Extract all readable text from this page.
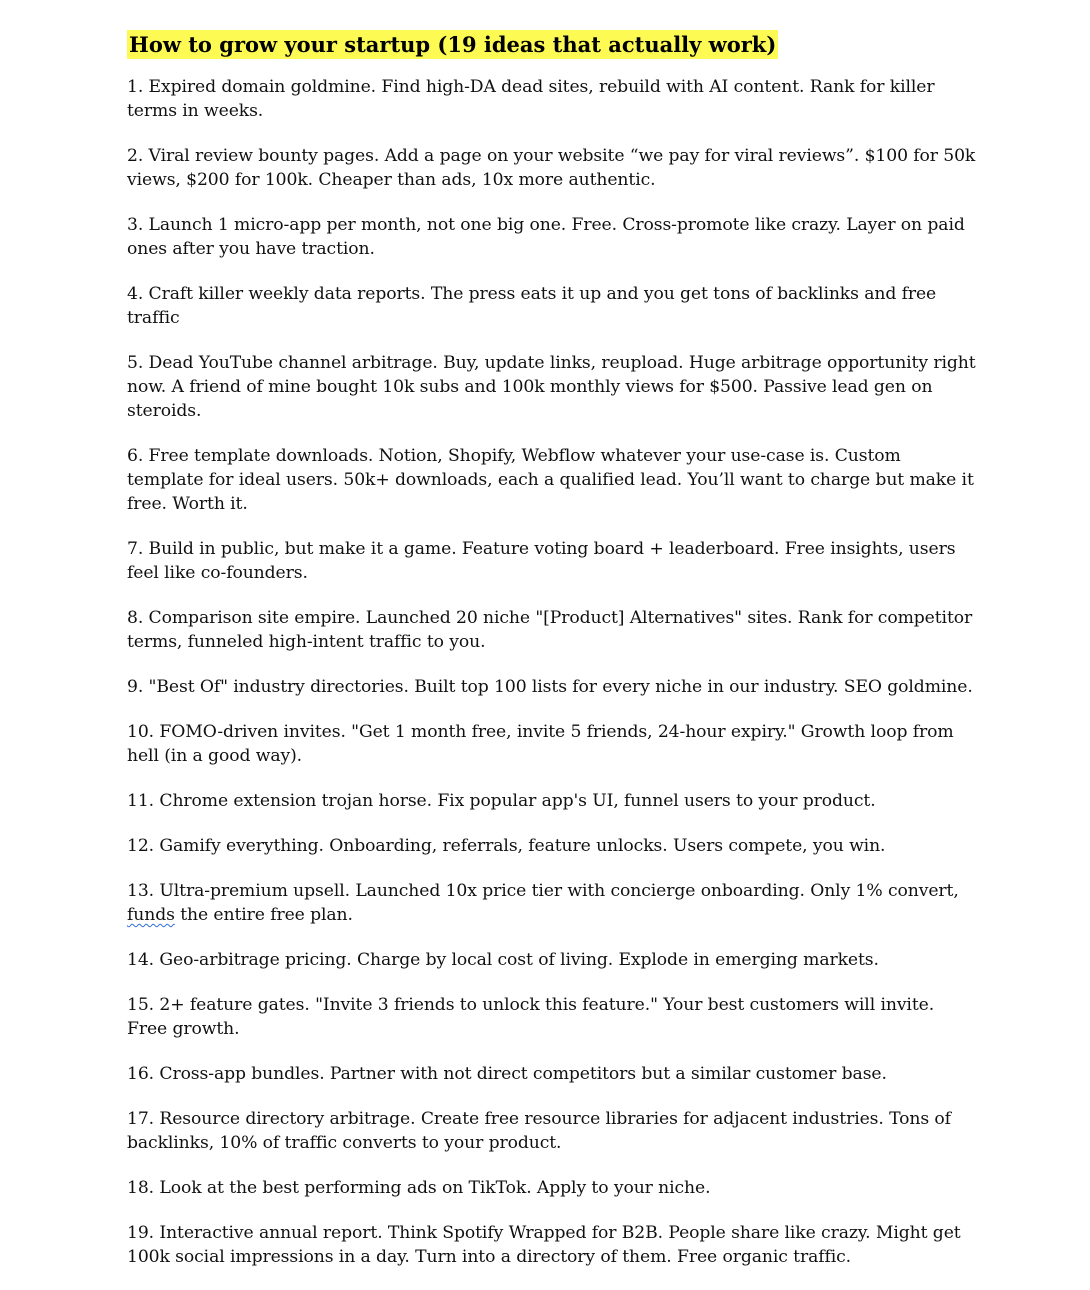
How to grow your startup (19 ideas that actually work)
1. Expired domain goldmine. Find high-DA dead sites, rebuild with AI content. Rank for killer terms in weeks.
2. Viral review bounty pages. Add a page on your website “we pay for viral reviews”. $100 for 50k views, $200 for 100k. Cheaper than ads, 10x more authentic.
3. Launch 1 micro-app per month, not one big one. Free. Cross-promote like crazy. Layer on paid ones after you have traction.
4. Craft killer weekly data reports. The press eats it up and you get tons of backlinks and free traffic
5. Dead YouTube channel arbitrage. Buy, update links, reupload. Huge arbitrage opportunity right now. A friend of mine bought 10k subs and 100k monthly views for $500. Passive lead gen on steroids.
6. Free template downloads. Notion, Shopify, Webflow whatever your use-case is. Custom template for ideal users. 50k+ downloads, each a qualified lead. You’ll want to charge but make it free. Worth it.
7. Build in public, but make it a game. Feature voting board + leaderboard. Free insights, users feel like co-founders.
8. Comparison site empire. Launched 20 niche "[Product] Alternatives" sites. Rank for competitor terms, funneled high-intent traffic to you.
9. "Best Of" industry directories. Built top 100 lists for every niche in our industry. SEO goldmine.
10. FOMO-driven invites. "Get 1 month free, invite 5 friends, 24-hour expiry." Growth loop from hell (in a good way).
11. Chrome extension trojan horse. Fix popular app's UI, funnel users to your product.
12. Gamify everything. Onboarding, referrals, feature unlocks. Users compete, you win.
13. Ultra-premium upsell. Launched 10x price tier with concierge onboarding. Only 1% convert, funds the entire free plan.
14. Geo-arbitrage pricing. Charge by local cost of living. Explode in emerging markets.
15. 2+ feature gates. "Invite 3 friends to unlock this feature." Your best customers will invite. Free growth.
16. Cross-app bundles. Partner with not direct competitors but a similar customer base.
17. Resource directory arbitrage. Create free resource libraries for adjacent industries. Tons of backlinks, 10% of traffic converts to your product.
18. Look at the best performing ads on TikTok. Apply to your niche.
19. Interactive annual report. Think Spotify Wrapped for B2B. People share like crazy. Might get 100k social impressions in a day. Turn into a directory of them. Free organic traffic.
